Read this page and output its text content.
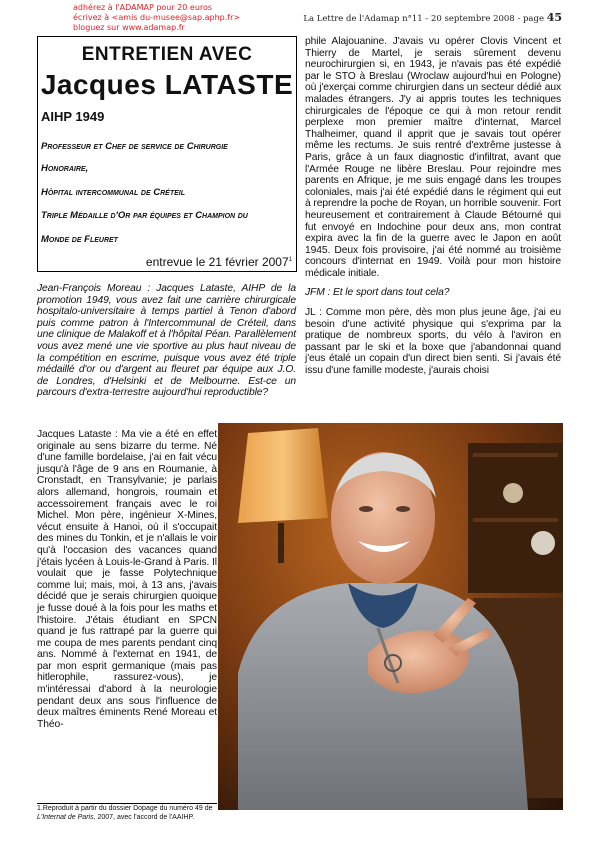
adhérez à l'ADAMAP pour 20 euros
écrivez à <amis du-musee@sap.aphp.fr>
bloguez sur www.adamap.fr
La Lettre de l'Adamap n°11 - 20 septembre 2008 - page 45
ENTRETIEN AVEC
Jacques LATASTE
AIHP 1949
Professeur et Chef de service de Chirurgie
Honoraire,
Hôpital intercommunal de Créteil
Triple Médaille d'Or par équipes et Champion du
Monde de Fleuret
entrevue le 21 février 2007$^1$
Jean-François Moreau : Jacques Lataste, AIHP de la promotion 1949, vous avez fait une carrière chirurgicale hospitalo-universitaire à temps partiel à Tenon d'abord puis comme patron à l'Intercommunal de Créteil, dans une clinique de Malakoff et à l'hôpital Péan. Parallèlement vous avez mené une vie sportive au plus haut niveau de la compétition en escrime, puisque vous avez été triple médaillé d'or ou d'argent au fleuret par équipe aux J.O. de Londres, d'Helsinki et de Melbourne. Est-ce un parcours d'extra-terrestre aujourd'hui reproductible?

Jacques Lataste : Ma vie a été en effet originale au sens bizarre du terme. Né d'une famille bordelaise, j'ai en fait vécu jusqu'à l'âge de 9 ans en Roumanie, à Cronstadt, en Transylvanie; je parlais alors allemand, hongrois, roumain et accessoirement français avec le roi Michel. Mon père, ingénieur X-Mines, vécut ensuite à Hanoi, où il s'occupait des mines du Tonkin, et je n'allais le voir qu'à l'occasion des vacances quand j'étais lycéen à Louis-le-Grand à Paris. Il voulait que je fasse Polytechnique comme lui; mais, moi, à 13 ans, j'avais décidé que je serais chirurgien quoique je fusse doué à la fois pour les maths et l'histoire. J'étais étudiant en SPCN quand je fus rattrapé par la guerre qui me coupa de mes parents pendant cinq ans. Nommé à l'externat en 1941, de par mon esprit germanique (mais pas hitlerophile, rassurez-vous), je m'intéressai d'abord à la neurologie pendant deux ans sous l'influence de deux maîtres éminents René Moreau et Théo-

1.Reproduit à partir du dossier Dopage du numéro 49 de L'Internat de Paris, 2007, avec l'accord de l'AAIHP.

phile Alajouanine. J'avais vu opérer Clovis Vincent et Thierry de Martel, je serais sûrement devenu neurochirurgien si, en 1943, je n'avais pas été expédié par le STO à Breslau (Wroclaw aujourd'hui en Pologne) où j'exerçai comme chirurgien dans un secteur dédié aux malades étrangers. J'y ai appris toutes les techniques chirurgicales de l'époque ce qui à mon retour rendit perplexe mon premier maître d'internat, Marcel Thalheimer, quand il apprit que je savais tout opérer même les rectums. Je suis rentré d'extrême justesse à Paris, grâce à un faux diagnostic d'infiltrat, avant que l'Armée Rouge ne libère Breslau. Pour rejoindre mes parents en Afrique, je me suis engagé dans les troupes coloniales, mais j'ai été expédié dans le régiment qui eut à reprendre la poche de Royan, un horrible souvenir. Fort heureusement et contrairement à Claude Bétourné qui fut envoyé en Indochine pour deux ans, mon contrat expira avec la fin de la guerre avec le Japon en août 1945. Deux fois provisoire, j'ai été nommé au troisième concours d'internat en 1949. Voilà pour mon histoire médicale initiale.

JFM : Et le sport dans tout cela?

JL : Comme mon père, dès mon plus jeune âge, j'ai eu besoin d'une activité physique qui s'exprima par la pratique de nombreux sports, du vélo à l'aviron en passant par le ski et la boxe que j'abandonnai quand j'eus étalé un copain d'un direct bien senti. Si j'avais été issu d'une famille modeste, j'aurais choisi
